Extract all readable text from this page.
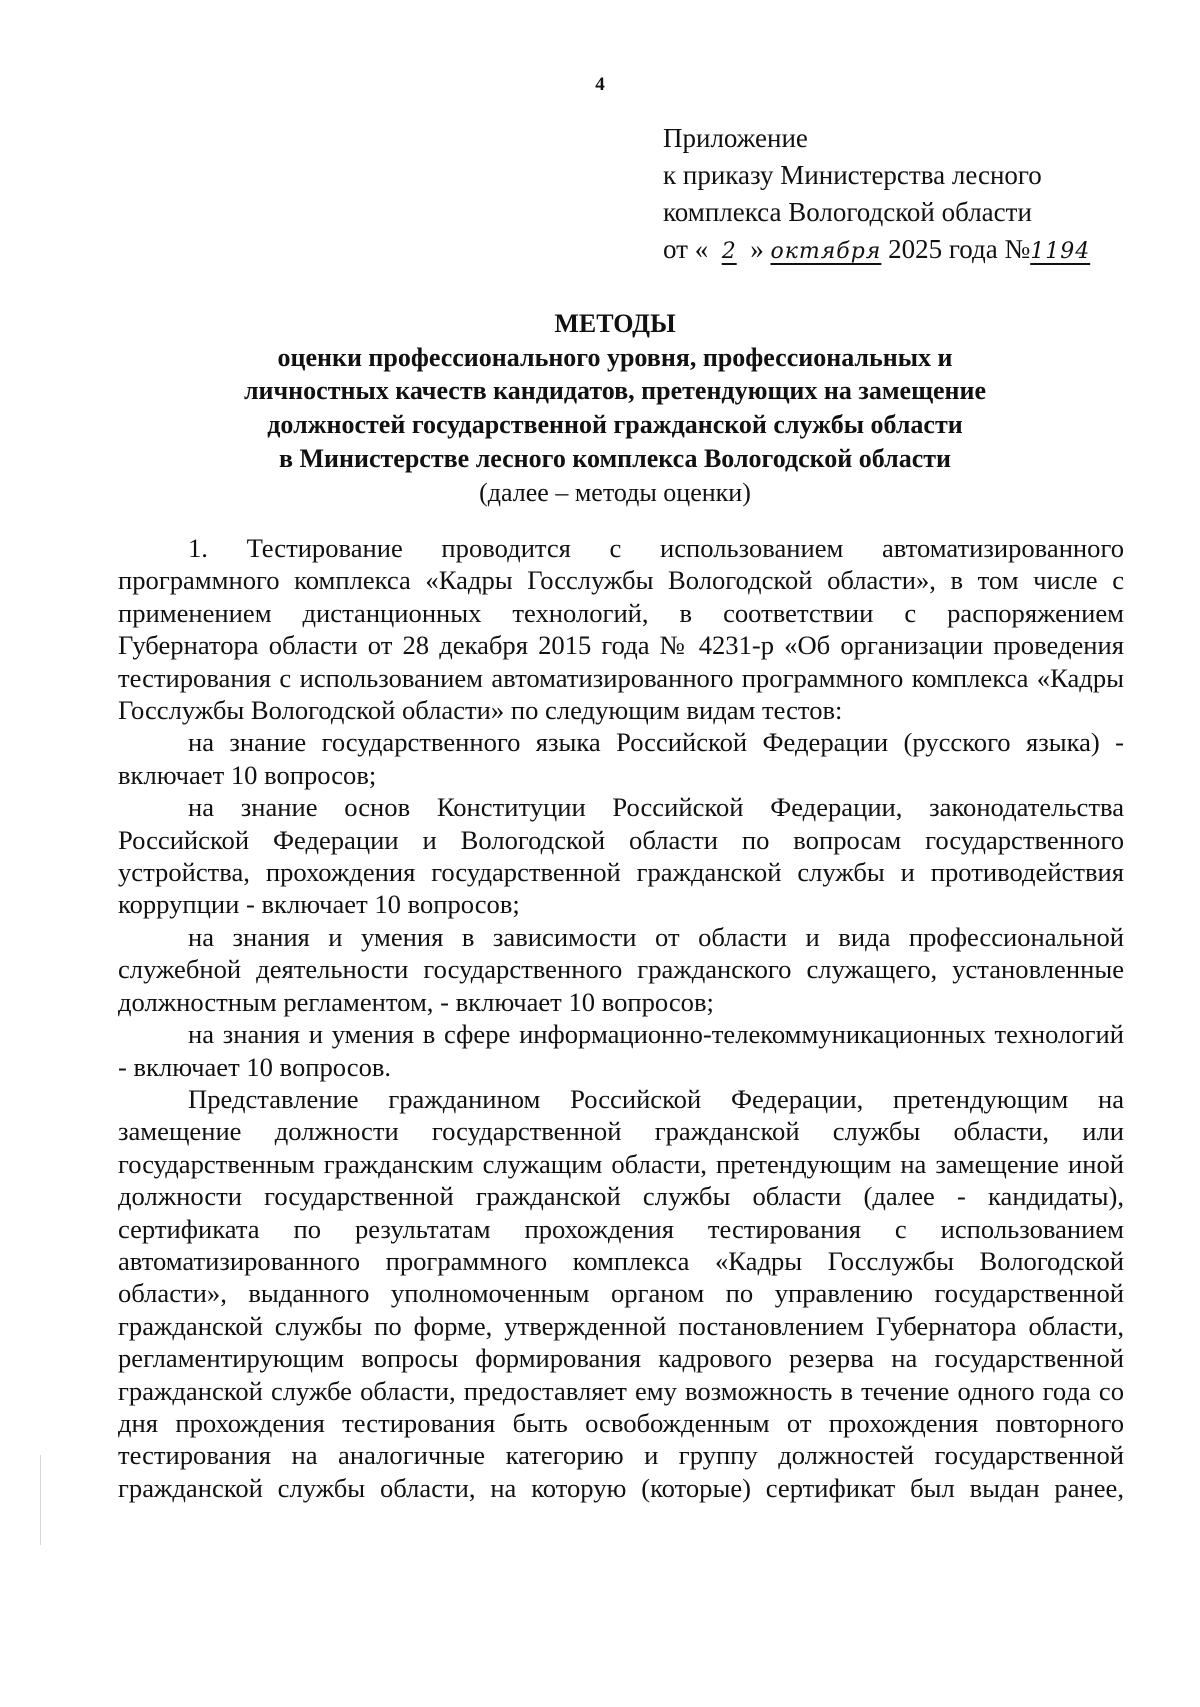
4
Приложение
к приказу Министерства лесного
комплекса Вологодской области
от « 2 » октября 2025 года №1194
МЕТОДЫ
оценки профессионального уровня, профессиональных и
личностных качеств кандидатов, претендующих на замещение
должностей государственной гражданской службы области
в Министерстве лесного комплекса Вологодской области
(далее – методы оценки)

1. Тестирование проводится с использованием автоматизированного программного комплекса «Кадры Госслужбы Вологодской области», в том числе с применением дистанционных технологий, в соответствии с распоряжением Губернатора области от 28 декабря 2015 года № 4231-р «Об организации проведения тестирования с использованием автоматизированного программного комплекса «Кадры Госслужбы Вологодской области» по следующим видам тестов:

на знание государственного языка Российской Федерации (русского языка) - включает 10 вопросов;

на знание основ Конституции Российской Федерации, законодательства Российской Федерации и Вологодской области по вопросам государственного устройства, прохождения государственной гражданской службы и противодействия коррупции - включает 10 вопросов;

на знания и умения в зависимости от области и вида профессиональной служебной деятельности государственного гражданского служащего, установленные должностным регламентом, - включает 10 вопросов;

на знания и умения в сфере информационно-телекоммуникационных технологий - включает 10 вопросов.

Представление гражданином Российской Федерации, претендующим на замещение должности государственной гражданской службы области, или государственным гражданским служащим области, претендующим на замещение иной должности государственной гражданской службы области (далее - кандидаты), сертификата по результатам прохождения тестирования с использованием автоматизированного программного комплекса «Кадры Госслужбы Вологодской области», выданного уполномоченным органом по управлению государственной гражданской службы по форме, утвержденной постановлением Губернатора области, регламентирующим вопросы формирования кадрового резерва на государственной гражданской службе области, предоставляет ему возможность в течение одного года со дня прохождения тестирования быть освобожденным от прохождения повторного тестирования на аналогичные категорию и группу должностей государственной гражданской службы области, на которую (которые) сертификат был выдан ранее,
